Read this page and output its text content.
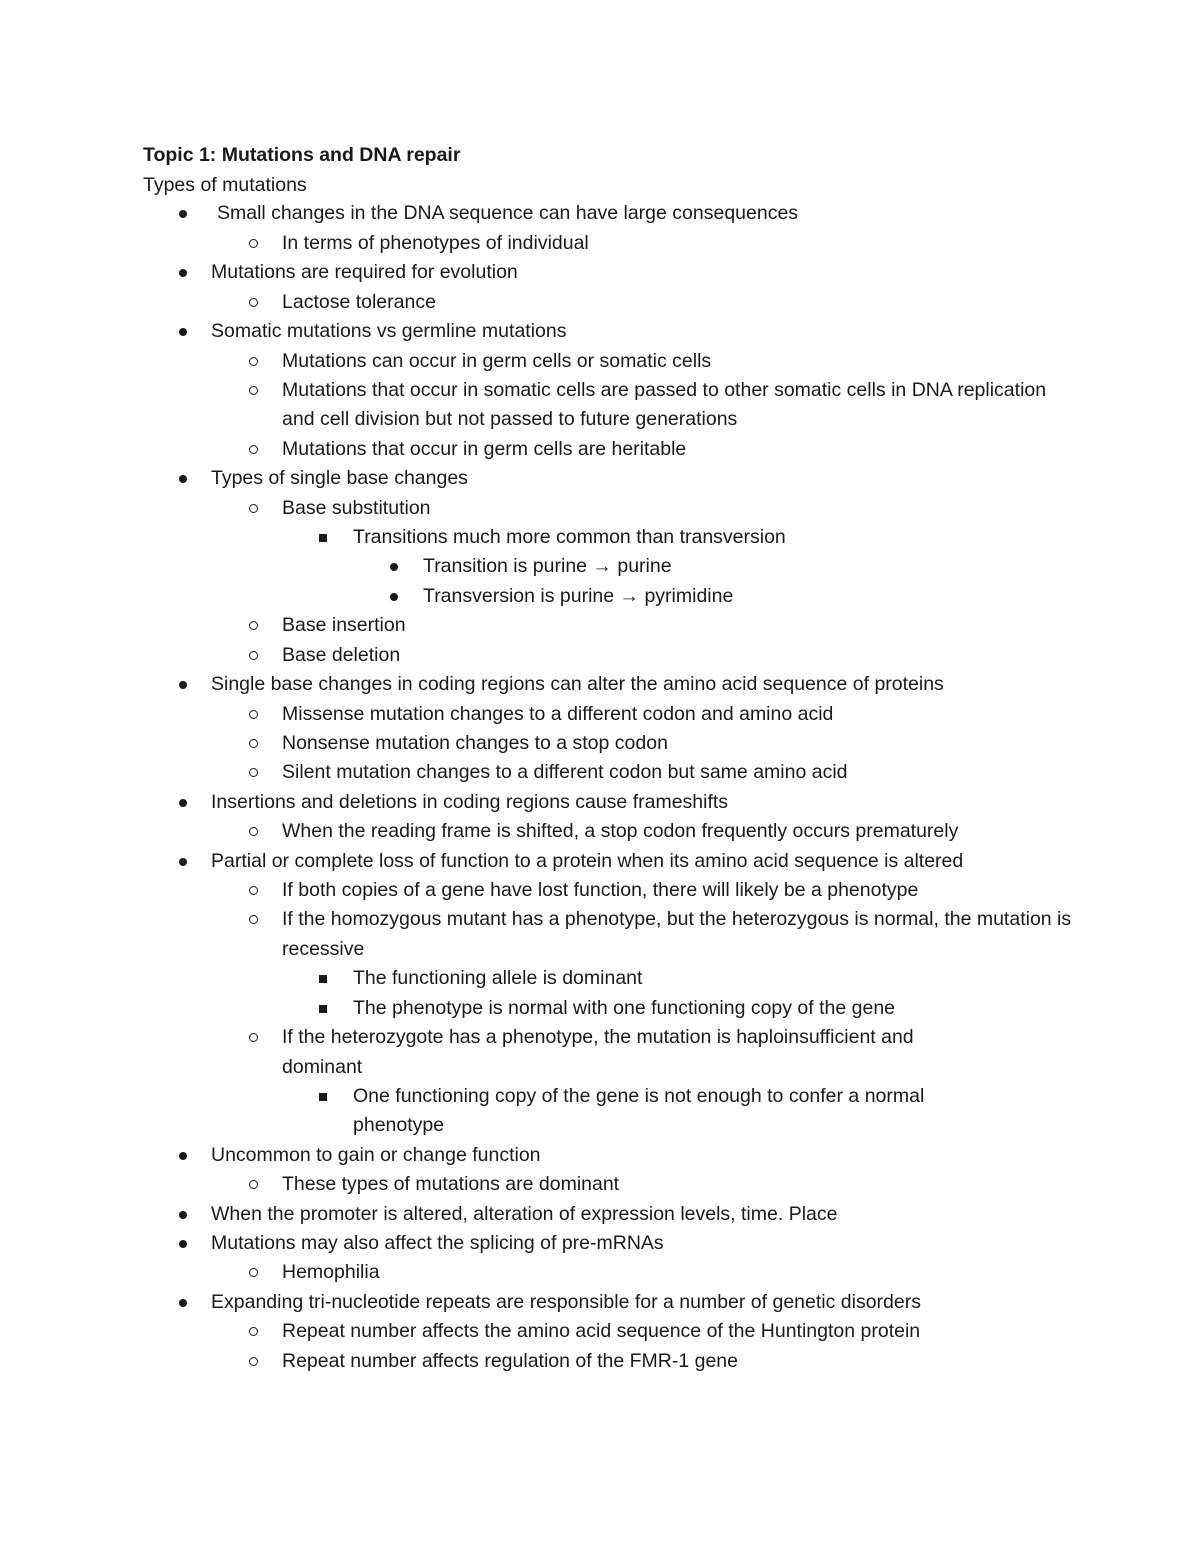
Topic 1: Mutations and DNA repair
Types of mutations
Small changes in the DNA sequence can have large consequences
In terms of phenotypes of individual
Mutations are required for evolution
Lactose tolerance
Somatic mutations vs germline mutations
Mutations can occur in germ cells or somatic cells
Mutations that occur in somatic cells are passed to other somatic cells in DNA replication and cell division but not passed to future generations
Mutations that occur in germ cells are heritable
Types of single base changes
Base substitution
Transitions much more common than transversion
Transition is purine → purine
Transversion is purine → pyrimidine
Base insertion
Base deletion
Single base changes in coding regions can alter the amino acid sequence of proteins
Missense mutation changes to a different codon and amino acid
Nonsense mutation changes to a stop codon
Silent mutation changes to a different codon but same amino acid
Insertions and deletions in coding regions cause frameshifts
When the reading frame is shifted, a stop codon frequently occurs prematurely
Partial or complete loss of function to a protein when its amino acid sequence is altered
If both copies of a gene have lost function, there will likely be a phenotype
If the homozygous mutant has a phenotype, but the heterozygous is normal, the mutation is recessive
The functioning allele is dominant
The phenotype is normal with one functioning copy of the gene
If the heterozygote has a phenotype, the mutation is haploinsufficient and dominant
One functioning copy of the gene is not enough to confer a normal phenotype
Uncommon to gain or change function
These types of mutations are dominant
When the promoter is altered, alteration of expression levels, time. Place
Mutations may also affect the splicing of pre-mRNAs
Hemophilia
Expanding tri-nucleotide repeats are responsible for a number of genetic disorders
Repeat number affects the amino acid sequence of the Huntington protein
Repeat number affects regulation of the FMR-1 gene
